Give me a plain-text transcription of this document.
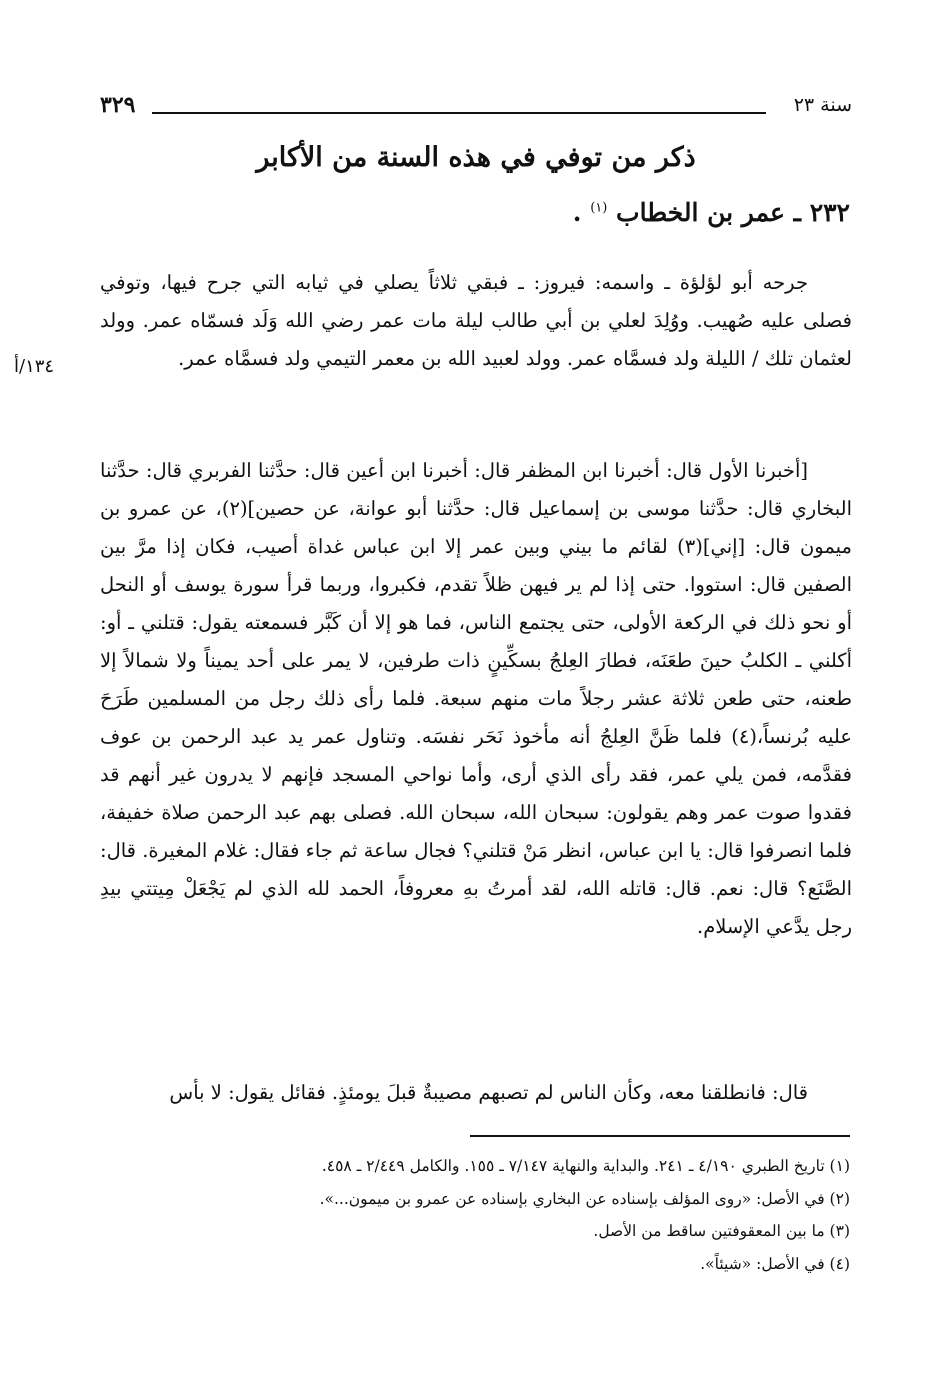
٣٢٩	سنة ٢٣
ذكر من توفي في هذه السنة من الأكابر
٢٣٢ ـ عمر بن الخطاب $^{(١)}$ .

جرحه أبو لؤلؤة ـ واسمه: فيروز: ـ فبقي ثلاثاً يصلي في ثيابه التي جرح فيها، وتوفي فصلى عليه صُهيب. ووُلِدَ لعلي بن أبي طالب ليلة مات عمر رضي الله وَلَد فسمّاه عمر. وولد لعثمان تلك / الليلة ولد فسمَّاه عمر. وولد لعبيد الله بن معمر التيمي ولد فسمَّاه عمر.

١٣٤/أ

[أخبرنا الأول قال: أخبرنا ابن المظفر قال: أخبرنا ابن أعين قال: حدَّثنا الفربري قال: حدَّثنا البخاري قال: حدَّثنا موسى بن إسماعيل قال: حدَّثنا أبو عوانة، عن حصين](٢)، عن عمرو بن ميمون قال: [إني](٣) لقائم ما بيني وبين عمر إلا ابن عباس غداة أصيب، فكان إذا مرَّ بين الصفين قال: استووا. حتى إذا لم ير فيهن ظلاً تقدم، فكبروا، وربما قرأ سورة يوسف أو النحل أو نحو ذلك في الركعة الأولى، حتى يجتمع الناس، فما هو إلا أن كَبَّر فسمعته يقول: قتلني ـ أو: أكلني ـ الكلبُ حينَ طعَنَه، فطارَ العِلجُ بسكِّينٍ ذات طرفين، لا يمر على أحد يميناً ولا شمالاً إلا طعنه، حتى طعن ثلاثة عشر رجلاً مات منهم سبعة. فلما رأى ذلك رجل من المسلمين طَرَحَ عليه بُرنساً،(٤) فلما ظَنَّ العِلجُ أنه مأخوذ نَحَر نفسَه. وتناول عمر يد عبد الرحمن بن عوف فقدَّمه، فمن يلي عمر، فقد رأى الذي أرى، وأما نواحي المسجد فإنهم لا يدرون غير أنهم قد فقدوا صوت عمر وهم يقولون: سبحان الله، سبحان الله. فصلى بهم عبد الرحمن صلاة خفيفة، فلما انصرفوا قال: يا ابن عباس، انظر مَنْ قتلني؟ فجال ساعة ثم جاء فقال: غلام المغيرة. قال: الصَّنَع؟ قال: نعم. قال: قاتله الله، لقد أمرتُ بهِ معروفاً، الحمد لله الذي لم يَجْعَلْ مِيتتي بيدِ رجل يدَّعي الإسلام.

قال: فانطلقنا معه، وكأن الناس لم تصبهم مصيبةٌ قبلَ يومئذٍ. فقائل يقول: لا بأس

(١) تاريخ الطبري ٤/١٩٠ ـ ٢٤١. والبداية والنهاية ٧/١٤٧ ـ ١٥٥. والكامل ٢/٤٤٩ ـ ٤٥٨.
(٢) في الأصل: «روى المؤلف بإسناده عن البخاري بإسناده عن عمرو بن ميمون...».
(٣) ما بين المعقوفتين ساقط من الأصل.
(٤) في الأصل: «شيئاً».
